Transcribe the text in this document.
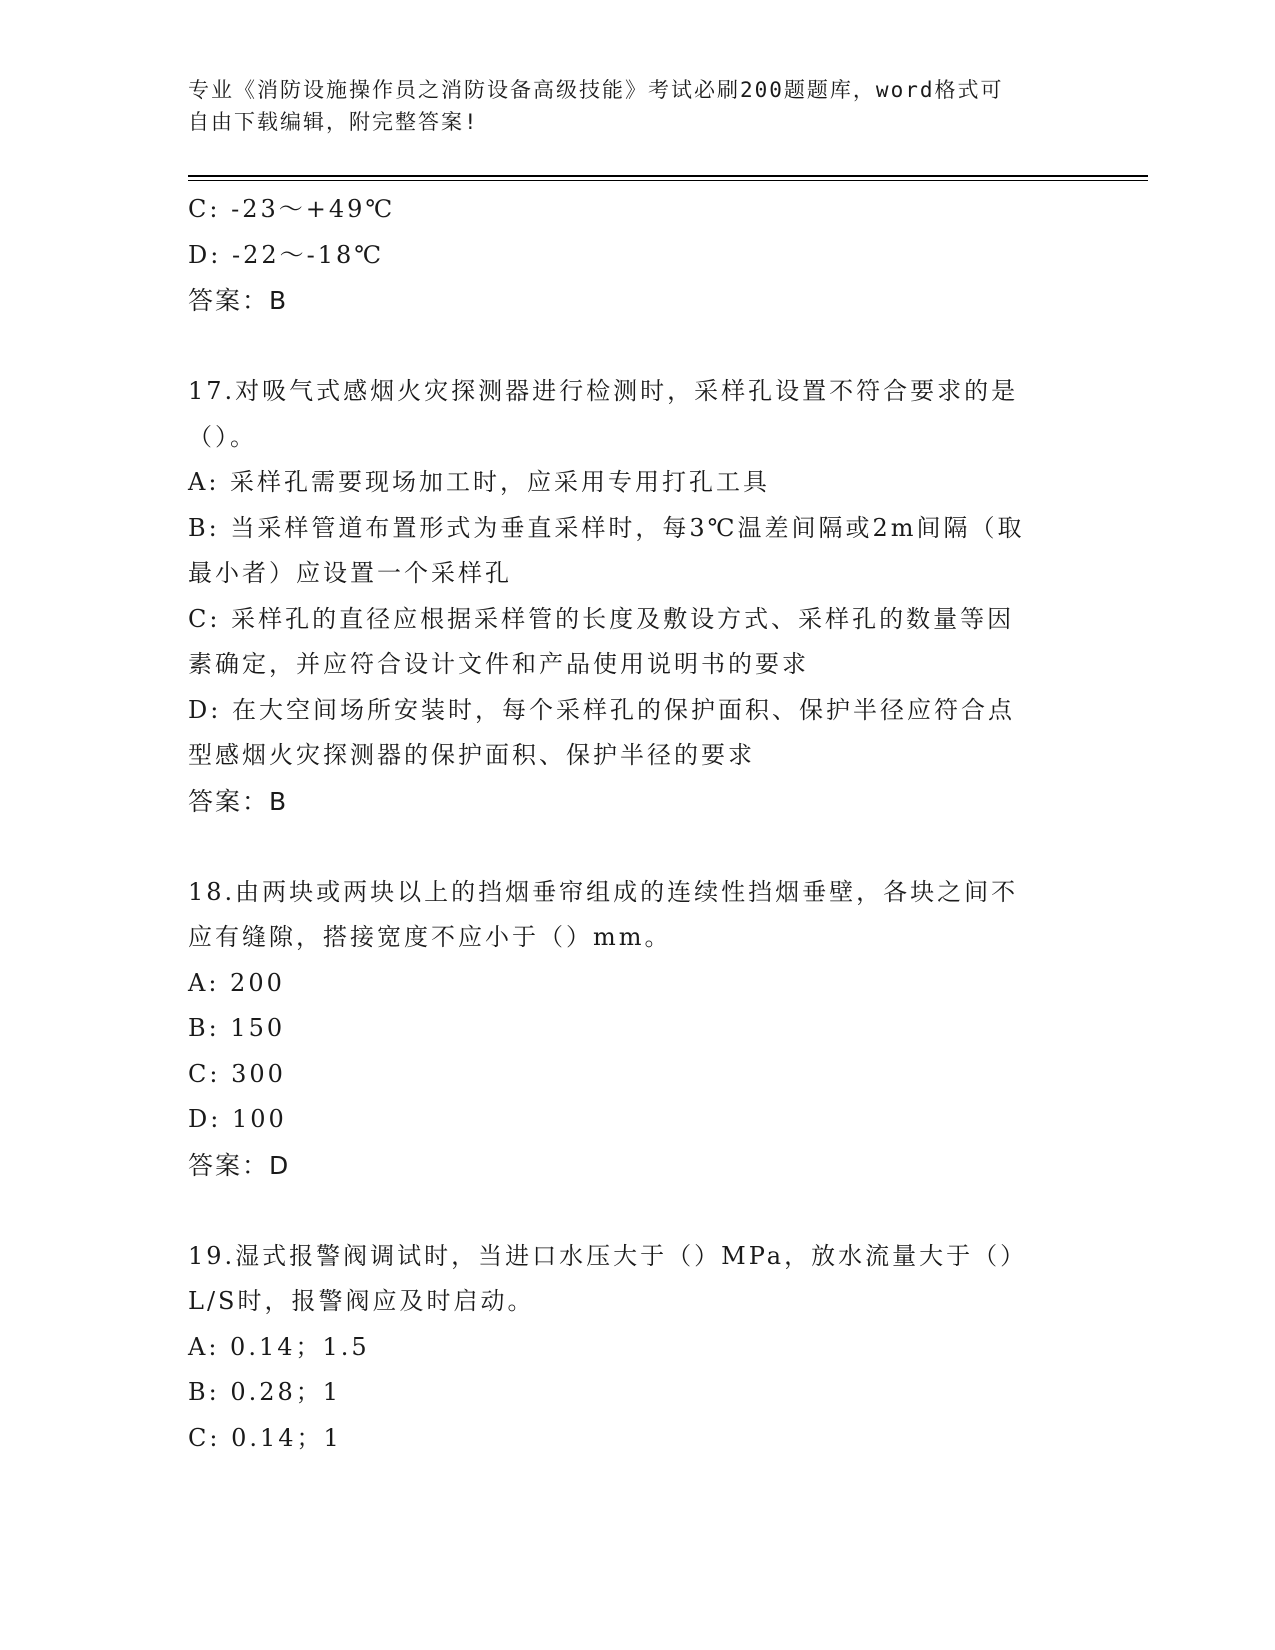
专业《消防设施操作员之消防设备高级技能》考试必刷200题题库，word格式可
自由下载编辑，附完整答案!
C: -23～+49℃
D: -22～-18℃
答案：B
17.对吸气式感烟火灾探测器进行检测时，采样孔设置不符合要求的是
（）。
A: 采样孔需要现场加工时，应采用专用打孔工具
B: 当采样管道布置形式为垂直采样时，每3℃温差间隔或2m间隔（取
最小者）应设置一个采样孔
C: 采样孔的直径应根据采样管的长度及敷设方式、采样孔的数量等因
素确定，并应符合设计文件和产品使用说明书的要求
D: 在大空间场所安装时，每个采样孔的保护面积、保护半径应符合点
型感烟火灾探测器的保护面积、保护半径的要求
答案：B
18.由两块或两块以上的挡烟垂帘组成的连续性挡烟垂壁，各块之间不
应有缝隙，搭接宽度不应小于（）mm。
A: 200
B: 150
C: 300
D: 100
答案：D
19.湿式报警阀调试时，当进口水压大于（）MPa，放水流量大于（）
L/S时，报警阀应及时启动。
A: 0.14；1.5
B: 0.28；1
C: 0.14；1
